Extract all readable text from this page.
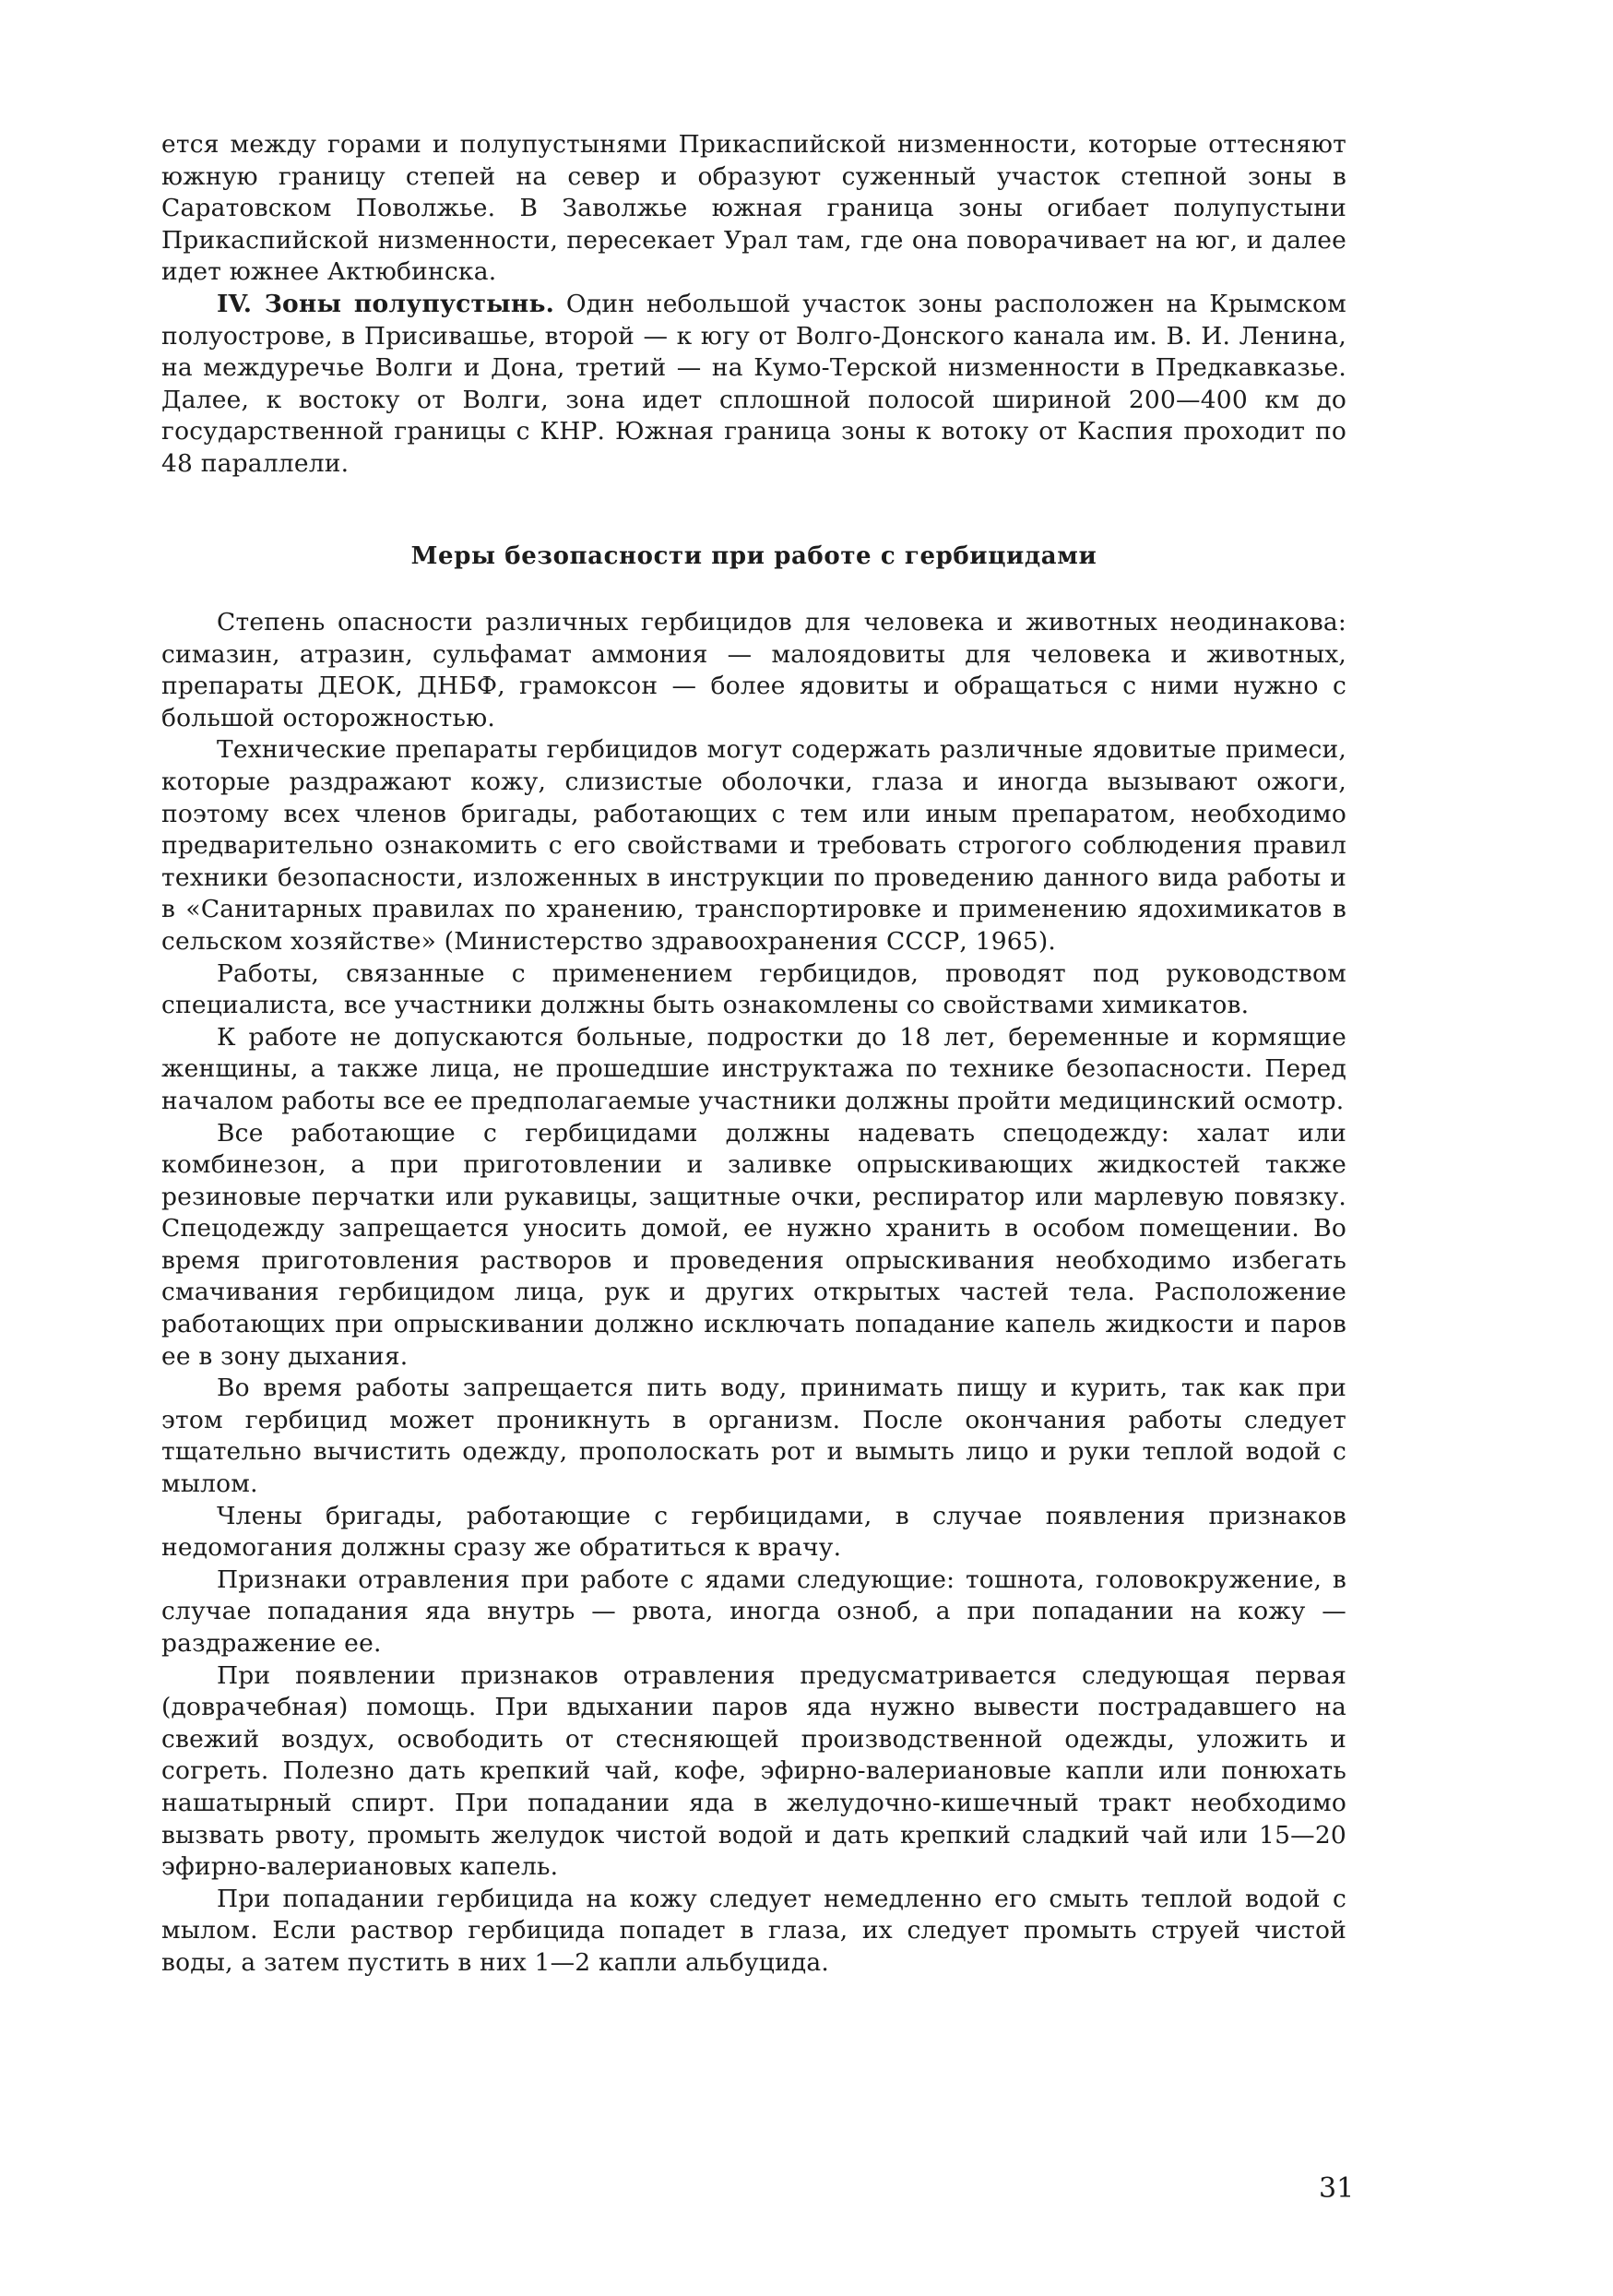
ется между горами и полупустынями Прикаспийской низменности, которые оттесняют южную границу степей на север и образуют суженный участок степной зоны в Саратовском Поволжье. В Заволжье южная граница зоны огибает полупустыни Прикаспийской низменности, пересекает Урал там, где она поворачивает на юг, и далее идет южнее Актюбинска.

IV. Зоны полупустынь. Один небольшой участок зоны расположен на Крымском полуострове, в Присивашье, второй — к югу от Волго-Донского канала им. В. И. Ленина, на междуречье Волги и Дона, третий — на Кумо-Терской низменности в Предкавказье. Далее, к востоку от Волги, зона идет сплошной полосой шириной 200—400 км до государственной границы с КНР. Южная граница зоны к вотоку от Каспия проходит по 48 параллели.

Меры безопасности при работе с гербицидами

Степень опасности различных гербицидов для человека и животных неодинакова: симазин, атразин, сульфамат аммония — малоядовиты для человека и животных, препараты ДЕОК, ДНБФ, грамоксон — более ядовиты и обращаться с ними нужно с большой осторожностью.

Технические препараты гербицидов могут содержать различные ядовитые примеси, которые раздражают кожу, слизистые оболочки, глаза и иногда вызывают ожоги, поэтому всех членов бригады, работающих с тем или иным препаратом, необходимо предварительно ознакомить с его свойствами и требовать строгого соблюдения правил техники безопасности, изложенных в инструкции по проведению данного вида работы и в «Санитарных правилах по хранению, транспортировке и применению ядохимикатов в сельском хозяйстве» (Министерство здравоохранения СССР, 1965).

Работы, связанные с применением гербицидов, проводят под руководством специалиста, все участники должны быть ознакомлены со свойствами химикатов.

К работе не допускаются больные, подростки до 18 лет, беременные и кормящие женщины, а также лица, не прошедшие инструктажа по технике безопасности. Перед началом работы все ее предполагаемые участники должны пройти медицинский осмотр.

Все работающие с гербицидами должны надевать спецодежду: халат или комбинезон, а при приготовлении и заливке опрыскивающих жидкостей также резиновые перчатки или рукавицы, защитные очки, респиратор или марлевую повязку. Спецодежду запрещается уносить домой, ее нужно хранить в особом помещении. Во время приготовления растворов и проведения опрыскивания необходимо избегать смачивания гербицидом лица, рук и других открытых частей тела. Расположение работающих при опрыскивании должно исключать попадание капель жидкости и паров ее в зону дыхания.

Во время работы запрещается пить воду, принимать пищу и курить, так как при этом гербицид может проникнуть в организм. После окончания работы следует тщательно вычистить одежду, прополоскать рот и вымыть лицо и руки теплой водой с мылом.

Члены бригады, работающие с гербицидами, в случае появления признаков недомогания должны сразу же обратиться к врачу.

Признаки отравления при работе с ядами следующие: тошнота, головокружение, в случае попадания яда внутрь — рвота, иногда озноб, а при попадании на кожу — раздражение ее.

При появлении признаков отравления предусматривается следующая первая (доврачебная) помощь. При вдыхании паров яда нужно вывести пострадавшего на свежий воздух, освободить от стесняющей производственной одежды, уложить и согреть. Полезно дать крепкий чай, кофе, эфирно-валериановые капли или понюхать нашатырный спирт. При попадании яда в желудочно-кишечный тракт необходимо вызвать рвоту, промыть желудок чистой водой и дать крепкий сладкий чай или 15—20 эфирно-валериановых капель.

При попадании гербицида на кожу следует немедленно его смыть теплой водой с мылом. Если раствор гербицида попадет в глаза, их следует промыть струей чистой воды, а затем пустить в них 1—2 капли альбуцида.

31
